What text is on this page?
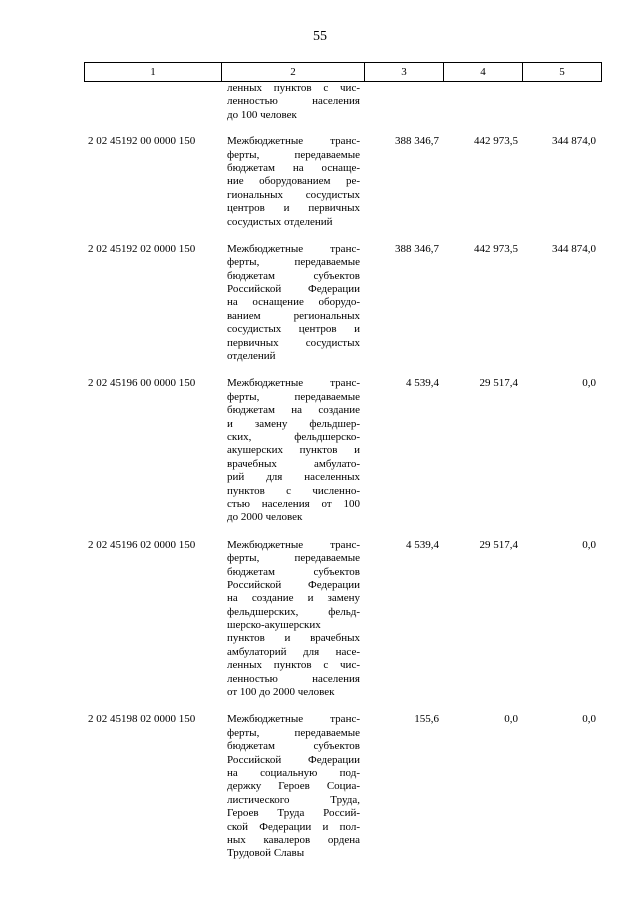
55
1	2	3	4	5
ленных пунктов с чис-
ленностью населения
до 100 человек
2 02 45192 00 0000 150	Межбюджетные транс-
ферты, передаваемые
бюджетам на оснаще-
ние оборудованием ре-
гиональных сосудистых
центров и первичных
сосудистых отделений
388 346,7	442 973,5	344 874,0
2 02 45192 02 0000 150	Межбюджетные транс-
ферты, передаваемые
бюджетам субъектов
Российской Федерации
на оснащение оборудо-
ванием региональных
сосудистых центров и
первичных сосудистых
отделений
388 346,7	442 973,5	344 874,0
2 02 45196 00 0000 150	Межбюджетные транс-
ферты, передаваемые
бюджетам на создание
и замену фельдшер-
ских, фельдшерско-
акушерских пунктов и
врачебных амбулато-
рий для населенных
пунктов с численно-
стью населения от 100
до 2000 человек
4 539,4	29 517,4	0,0
2 02 45196 02 0000 150	Межбюджетные транс-
ферты, передаваемые
бюджетам субъектов
Российской Федерации
на создание и замену
фельдшерских, фельд-
шерско-акушерских
пунктов и врачебных
амбулаторий для насе-
ленных пунктов с чис-
ленностью населения
от 100 до 2000 человек
4 539,4	29 517,4	0,0
2 02 45198 02 0000 150	Межбюджетные транс-
ферты, передаваемые
бюджетам субъектов
Российской Федерации
на социальную под-
держку Героев Социа-
листического Труда,
Героев Труда Россий-
ской Федерации и пол-
ных кавалеров ордена
Трудовой Славы
155,6	0,0	0,0
